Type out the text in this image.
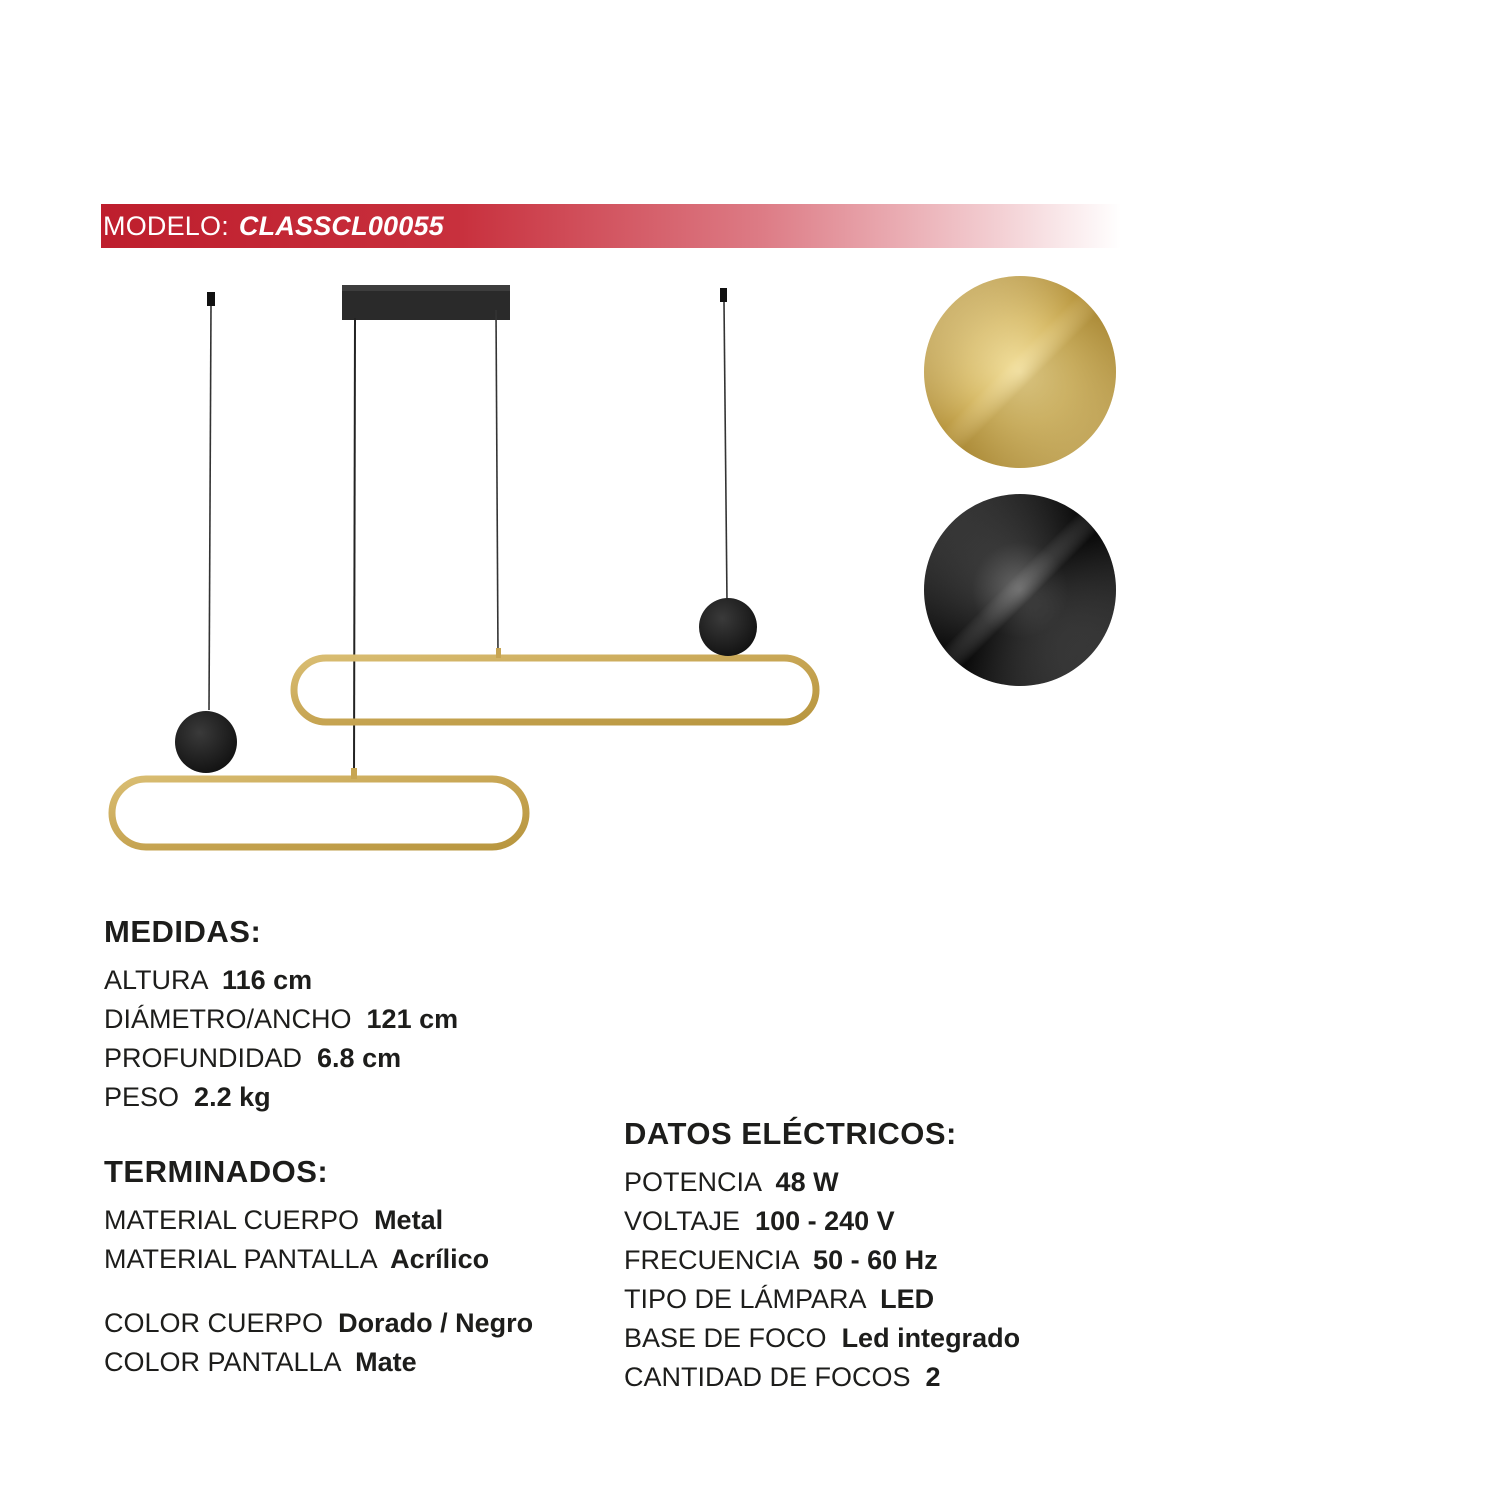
MODELO: CLASSCL00055
MEDIDAS:
ALTURA  116 cm
DIÁMETRO/ANCHO  121 cm
PROFUNDIDAD  6.8 cm
PESO  2.2 kg
TERMINADOS:
MATERIAL CUERPO  Metal
MATERIAL PANTALLA  Acrílico
COLOR CUERPO  Dorado / Negro
COLOR PANTALLA  Mate
DATOS ELÉCTRICOS:
POTENCIA  48 W
VOLTAJE  100 - 240 V
FRECUENCIA  50 - 60 Hz
TIPO DE LÁMPARA  LED
BASE DE FOCO  Led integrado
CANTIDAD DE FOCOS  2
